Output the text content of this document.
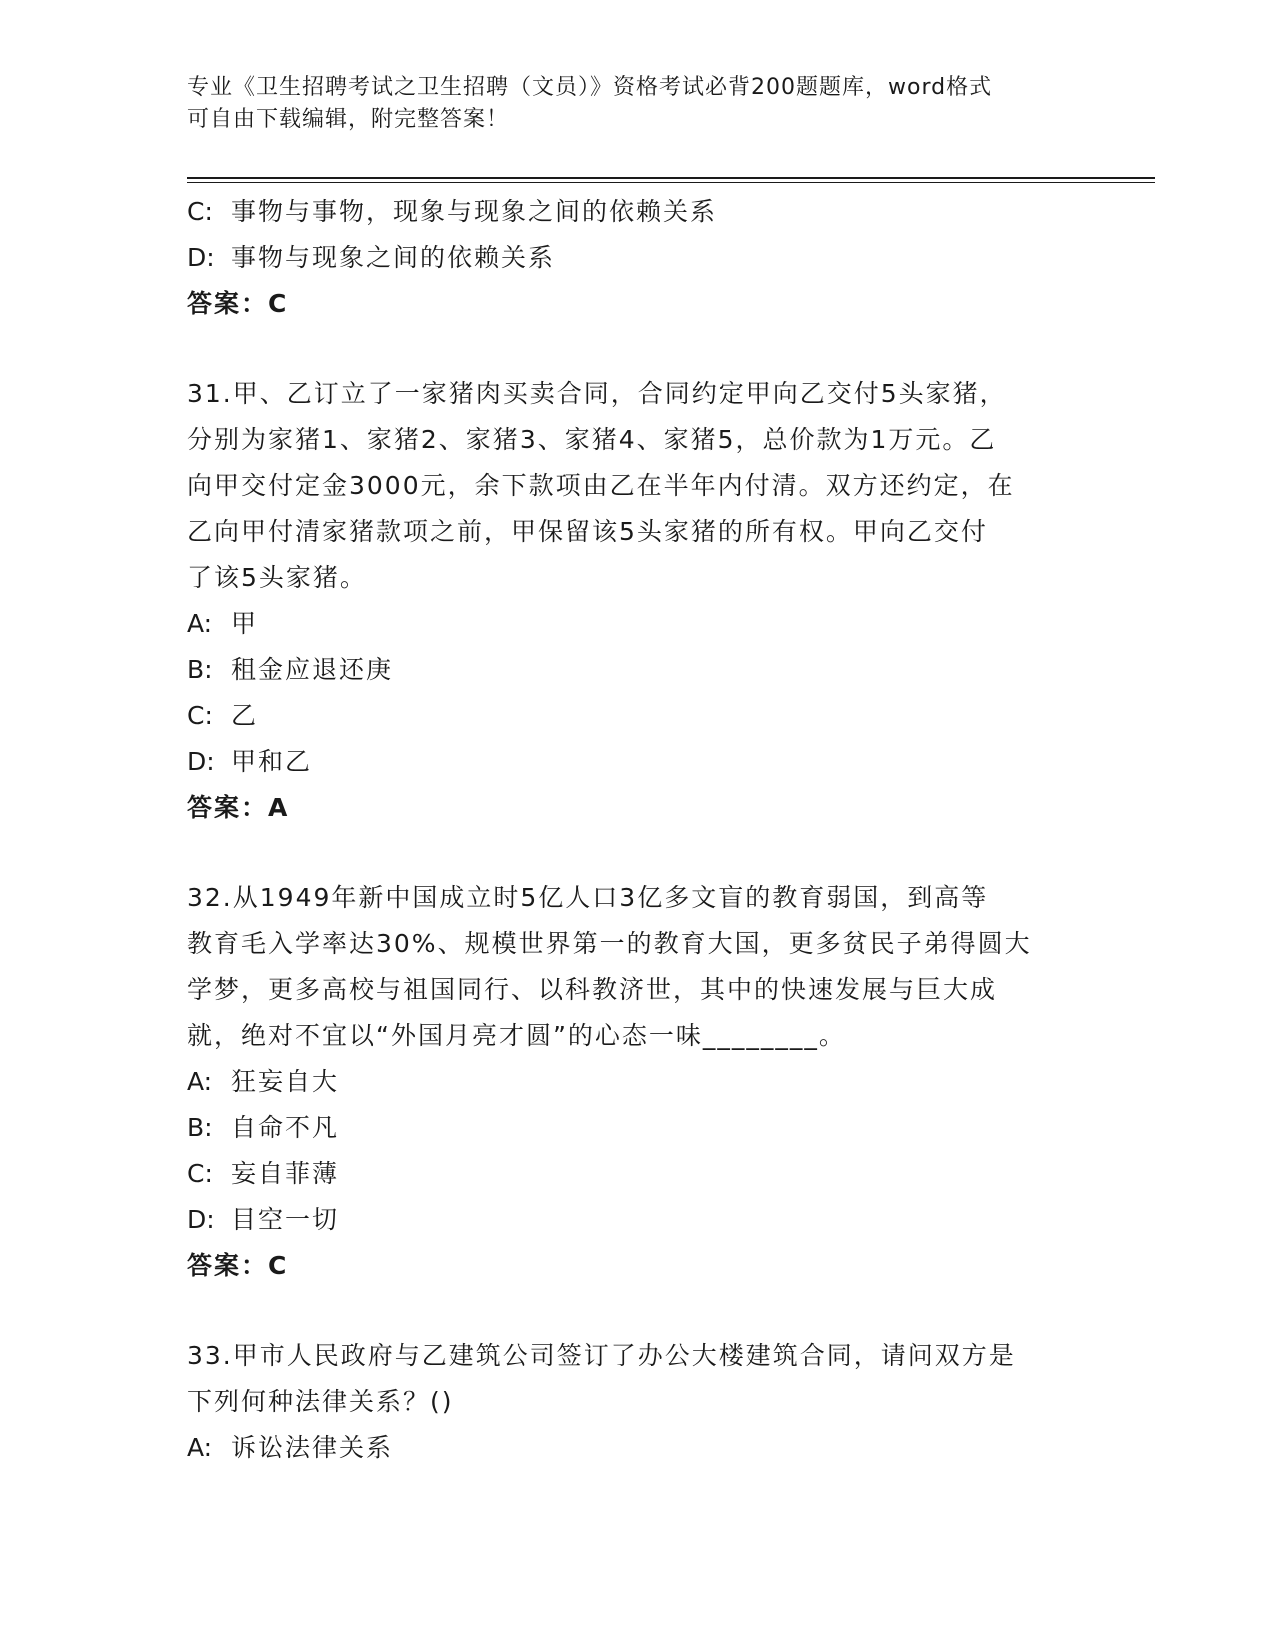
专业《卫生招聘考试之卫生招聘（文员）》资格考试必背200题题库，word格式
可自由下载编辑，附完整答案！
C: 事物与事物，现象与现象之间的依赖关系
D: 事物与现象之间的依赖关系
答案：C
31.甲、乙订立了一家猪肉买卖合同，合同约定甲向乙交付5头家猪，
分别为家猪1、家猪2、家猪3、家猪4、家猪5，总价款为1万元。乙
向甲交付定金3000元，余下款项由乙在半年内付清。双方还约定，在
乙向甲付清家猪款项之前，甲保留该5头家猪的所有权。甲向乙交付
了该5头家猪。
A: 甲
B: 租金应退还庚
C: 乙
D: 甲和乙
答案：A
32.从1949年新中国成立时5亿人口3亿多文盲的教育弱国，到高等
教育毛入学率达30%、规模世界第一的教育大国，更多贫民子弟得圆大
学梦，更多高校与祖国同行、以科教济世，其中的快速发展与巨大成
就，绝对不宜以“外国月亮才圆”的心态一味________。
A: 狂妄自大
B: 自命不凡
C: 妄自菲薄
D: 目空一切
答案：C
33.甲市人民政府与乙建筑公司签订了办公大楼建筑合同，请问双方是
下列何种法律关系？()
A: 诉讼法律关系
